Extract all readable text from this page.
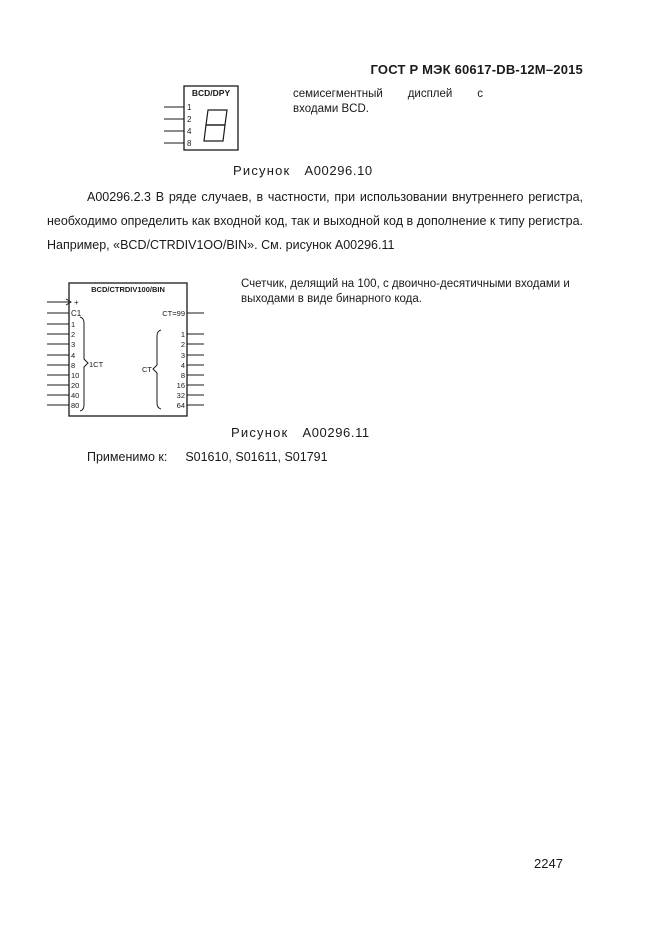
ГОСТ Р МЭК 60617-DB-12M–2015
BCD/DPY
1
2
4
8
семисегментный дисплей с
входами BCD.
Рисунок A00296.10
A00296.2.3 В ряде случаев, в частности, при использовании внутреннего регистра, необходимо определить как входной код, так и выходной код в дополнение к типу регистра. Например, «BCD/CTRDIV1OO/BIN». См. рисунок A00296.11
BCD/CTRDIV100/BIN
+
C1
1
2
3
4
8
10
20
40
80
1CT
CT=99
CT
1
2
3
4
8
16
32
64
Счетчик, делящий на 100, с двоично-десятичными входами и выходами в виде бинарного кода.
Рисунок A00296.11
Применимо к: S01610, S01611, S01791
2247
